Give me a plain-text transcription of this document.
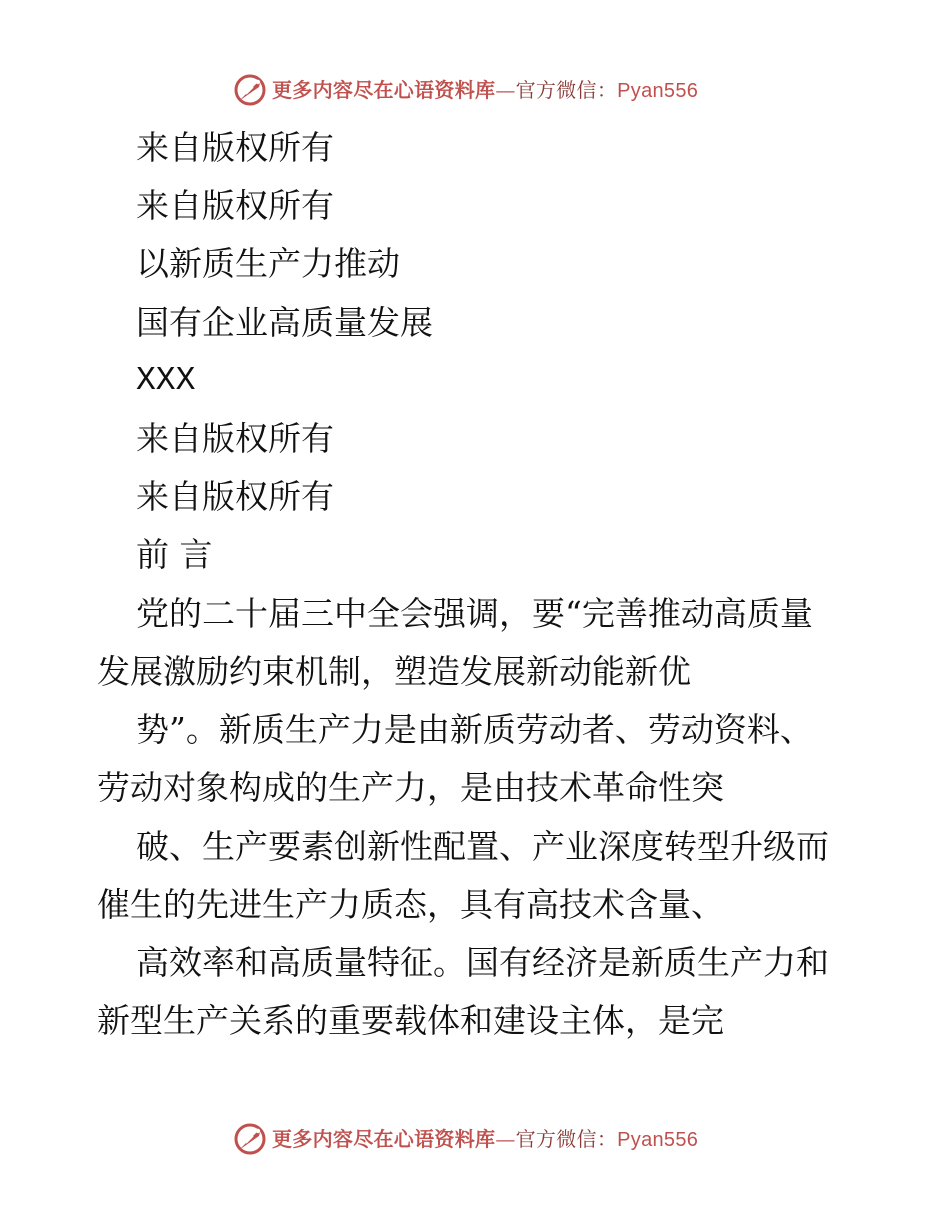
更多内容尽在心语资料库—官方微信：Pyan556
来自版权所有
来自版权所有
以新质生产力推动
国有企业高质量发展
XXX
来自版权所有
来自版权所有
前 言
党的二十届三中全会强调，要“完善推动高质量
发展激励约束机制，塑造发展新动能新优
势”。新质生产力是由新质劳动者、劳动资料、
劳动对象构成的生产力，是由技术革命性突
破、生产要素创新性配置、产业深度转型升级而
催生的先进生产力质态，具有高技术含量、
高效率和高质量特征。国有经济是新质生产力和
新型生产关系的重要载体和建设主体，是完
更多内容尽在心语资料库—官方微信：Pyan556
